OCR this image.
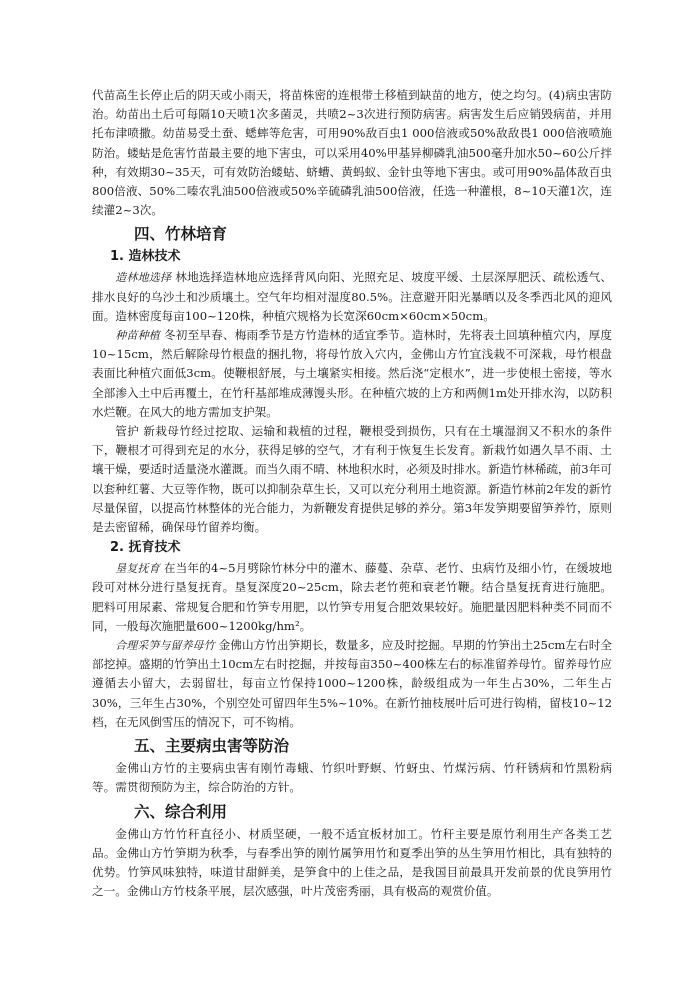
代苗高生长停止后的阴天或小雨天，将苗株密的连根带土移植到缺苗的地方，使之均匀。(4)病虫害防治。幼苗出土后可每隔10天喷1次多菌灵，共喷2~3次进行预防病害。病害发生后应销毁病苗，并用托布津喷撒。幼苗易受土蚕、蟋蟀等危害，可用90%敌百虫1 000倍液或50%敌敌畏1 000倍液喷施防治。蝼蛄是危害竹苗最主要的地下害虫，可以采用40%甲基异柳磷乳油500毫升加水50~60公斤拌种，有效期30~35天，可有效防治蝼蛄、蛴螬、黄蚂蚁、金针虫等地下害虫。或可用90%晶体敌百虫800倍液、50%二嗪农乳油500倍液或50%辛硫磷乳油500倍液，任选一种灌根，8~10天灌1次，连续灌2~3次。

四、竹林培育
1. 造林技术

造林地选择 林地选择造林地应选择背风向阳、光照充足、坡度平缓、土层深厚肥沃、疏松透气、排水良好的乌沙土和沙质壤土。空气年均相对湿度80.5%。注意避开阳光暴晒以及冬季西北风的迎风面。造林密度每亩100~120株，种植穴规格为长宽深60cm×60cm×50cm。

种苗种植 冬初至早春、梅雨季节是方竹造林的适宜季节。造林时，先将表土回填种植穴内，厚度10~15cm，然后解除母竹根盘的捆扎物，将母竹放入穴内，金佛山方竹宜浅栽不可深栽，母竹根盘表面比种植穴面低3cm。使鞭根舒展，与土壤紧实相接。然后浇“定根水”，进一步使根土密接，等水全部渗入土中后再覆土，在竹秆基部堆成薄馒头形。在种植穴坡的上方和两侧1m处开排水沟，以防积水烂鞭。在风大的地方需加支护架。

管护 新栽母竹经过挖取、运输和栽植的过程，鞭根受到损伤，只有在土壤湿润又不积水的条件下，鞭根才可得到充足的水分，获得足够的空气，才有利于恢复生长发育。新栽竹如遇久旱不雨、土壤干燥，要适时适量浇水灌溉。而当久雨不晴、林地积水时，必须及时排水。新造竹林稀疏，前3年可以套种红薯、大豆等作物，既可以抑制杂草生长，又可以充分利用土地资源。新造竹林前2年发的新竹尽量保留，以提高竹林整体的光合能力，为新鞭发育提供足够的养分。第3年发笋期要留笋养竹，原则是去密留稀，确保母竹留养均衡。

2. 抚育技术

垦复抚育 在当年的4~5月劈除竹林分中的灌木、藤蔓、杂草、老竹、虫病竹及细小竹，在缓坡地段可对林分进行垦复抚育。垦复深度20~25cm，除去老竹蔸和衰老竹鞭。结合垦复抚育进行施肥。肥料可用尿素、常规复合肥和竹笋专用肥，以竹笋专用复合肥效果较好。施肥量因肥料种类不同而不同，一般每次施肥量600~1200kg/hm²。

合理采笋与留养母竹 金佛山方竹出笋期长，数量多，应及时挖掘。早期的竹笋出土25cm左右时全部挖掉。盛期的竹笋出土10cm左右时挖掘，并按每亩350~400株左右的标准留养母竹。留养母竹应遵循去小留大，去弱留壮，每亩立竹保持1000~1200株，龄级组成为一年生占30%，二年生占30%，三年生占30%，个别空处可留四年生5%~10%。在新竹抽枝展叶后可进行钩梢，留枝10~12档，在无风倒雪压的情况下，可不钩梢。

五、主要病虫害等防治

金佛山方竹的主要病虫害有刚竹毒蛾、竹织叶野螟、竹蚜虫、竹煤污病、竹秆锈病和竹黑粉病等。需贯彻预防为主，综合防治的方针。

六、综合利用

金佛山方竹竹秆直径小、材质坚硬，一般不适宜板材加工。竹秆主要是原竹利用生产各类工艺品。金佛山方竹笋期为秋季，与春季出笋的刚竹属笋用竹和夏季出笋的丛生笋用竹相比，具有独特的优势。竹笋风味独特，味道甘甜鲜美，是笋食中的上佳之品，是我国目前最具开发前景的优良笋用竹之一。金佛山方竹枝条平展，层次感强，叶片茂密秀丽，具有极高的观赏价值。
